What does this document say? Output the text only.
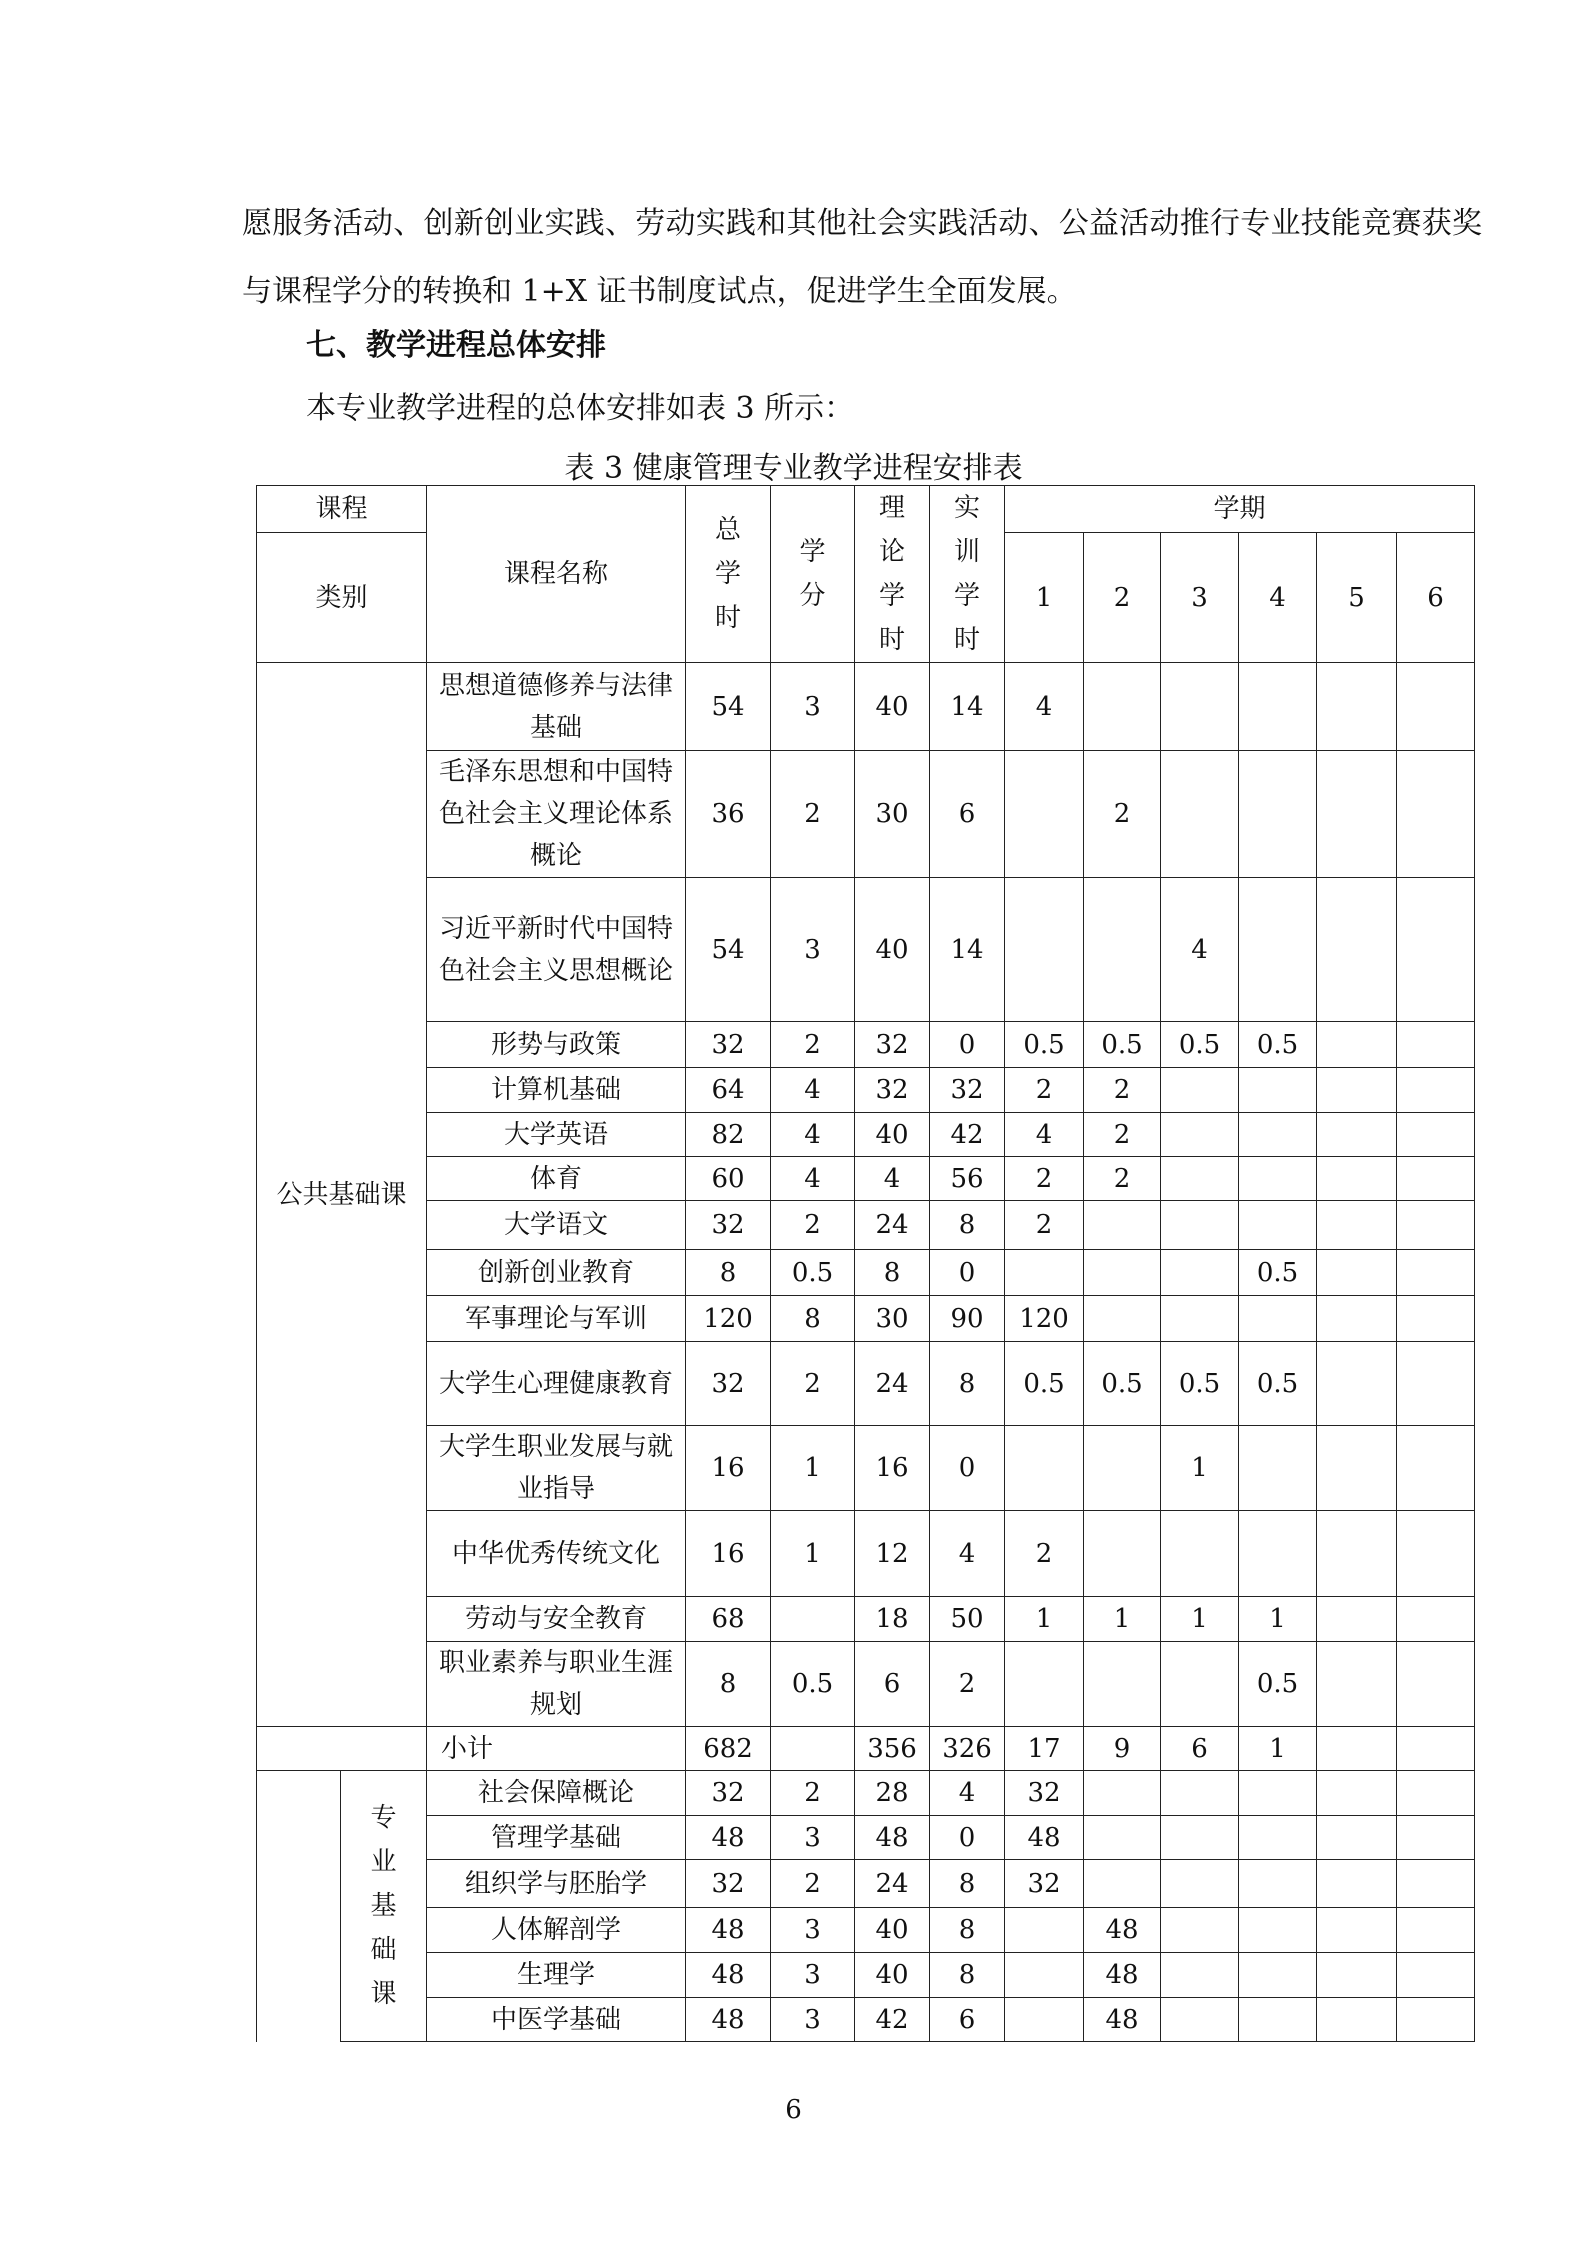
愿服务活动、创新创业实践、劳动实践和其他社会实践活动、公益活动推行专业技能竞赛获奖与课程学分的转换和 1+X 证书制度试点，促进学生全面发展。
七、教学进程总体安排
本专业教学进程的总体安排如表 3 所示：
表 3 健康管理专业教学进程安排表
课程		课程名称	总学时	学分	理论学时	实训学时	学期					
类别							1	2	3	4	5	6
公共基础课		思想道德修养与法律基础	54	3	40	14	4					
		毛泽东思想和中国特色社会主义理论体系概论	36	2	30	6		2				
		习近平新时代中国特色社会主义思想概论	54	3	40	14			4			
		形势与政策	32	2	32	0	0.5	0.5	0.5	0.5		
		计算机基础	64	4	32	32	2	2				
		大学英语	82	4	40	42	4	2				
		体育	60	4	4	56	2	2				
		大学语文	32	2	24	8	2					
		创新创业教育	8	0.5	8	0				0.5		
		军事理论与军训	120	8	30	90	120					
		大学生心理健康教育	32	2	24	8	0.5	0.5	0.5	0.5		
		大学生职业发展与就业指导	16	1	16	0			1			
		中华优秀传统文化	16	1	12	4	2					
		劳动与安全教育	68		18	50	1	1	1	1		
		职业素养与职业生涯规划	8	0.5	6	2				0.5		
		小计	682		356	326	17	9	6	1		
	专业基础课	社会保障概论	32	2	28	4	32					
		管理学基础	48	3	48	0	48					
		组织学与胚胎学	32	2	24	8	32					
		人体解剖学	48	3	40	8		48				
		生理学	48	3	40	8		48				
		中医学基础	48	3	42	6		48				
6
